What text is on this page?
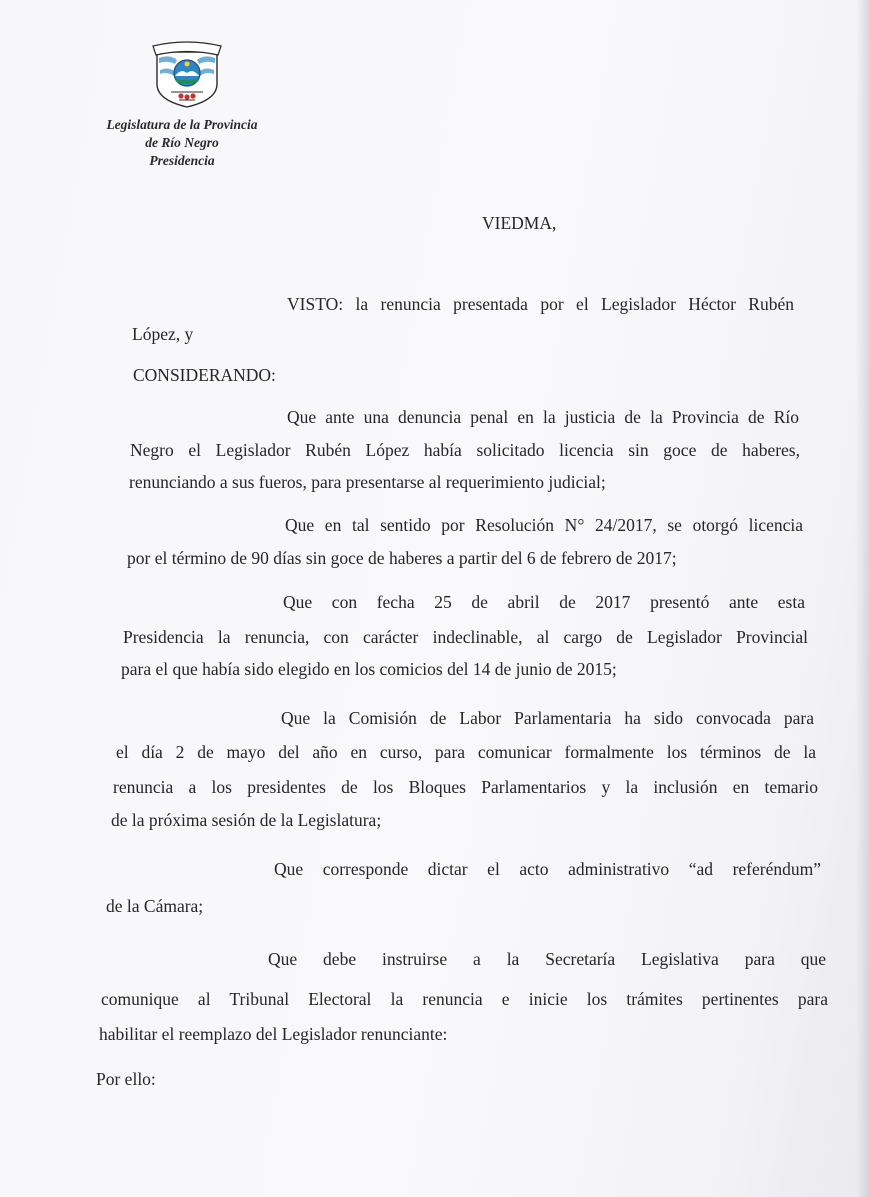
Legislatura de la Provincia
de Río Negro
Presidencia
VIEDMA,
VISTO: la renuncia presentada por el Legislador Héctor Rubén
López, y
CONSIDERANDO:
Que ante una denuncia penal en la justicia de la Provincia de Río
Negro el Legislador Rubén López había solicitado licencia sin goce de haberes,
renunciando a sus fueros, para presentarse al requerimiento judicial;
Que en tal sentido por Resolución N° 24/2017, se otorgó licencia
por el término de 90 días sin goce de haberes a partir del 6 de febrero de 2017;
Que con fecha 25 de abril de 2017 presentó ante esta
Presidencia la renuncia, con carácter indeclinable, al cargo de Legislador Provincial
para el que había sido elegido en los comicios del 14 de junio de 2015;
Que la Comisión de Labor Parlamentaria ha sido convocada para
el día 2 de mayo del año en curso, para comunicar formalmente los términos de la
renuncia a los presidentes de los Bloques Parlamentarios y la inclusión en temario
de la próxima sesión de la Legislatura;
Que corresponde dictar el acto administrativo “ad referéndum”
de la Cámara;
Que debe instruirse a la Secretaría Legislativa para que
comunique al Tribunal Electoral la renuncia e inicie los trámites pertinentes para
habilitar el reemplazo del Legislador renunciante:
Por ello:
